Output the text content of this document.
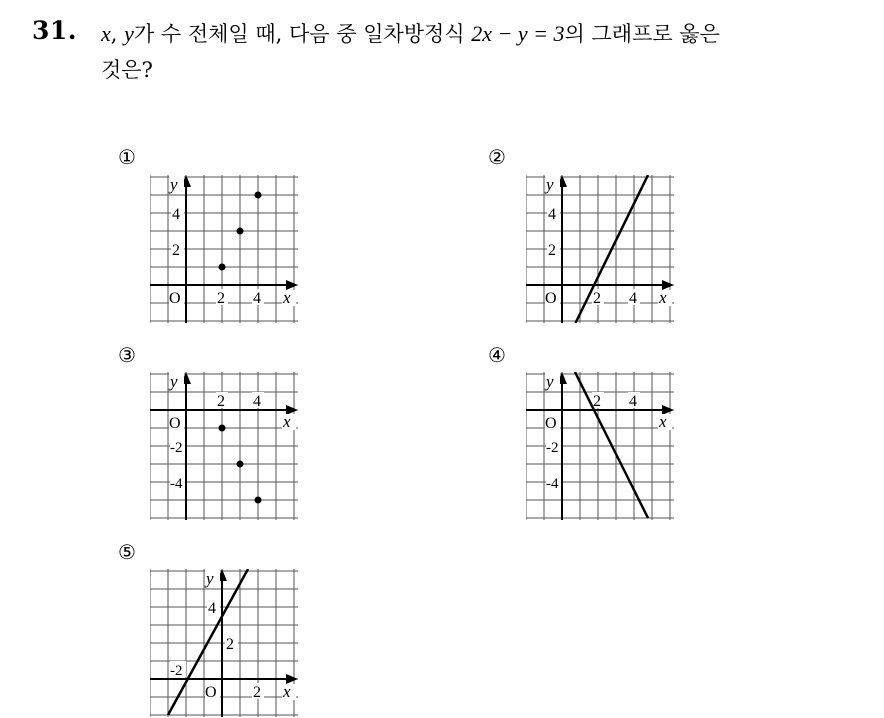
31. x, y가 수 전체일 때, 다음 중 일차방정식 2x − y = 3의 그래프로 옳은
것은?
①
y
x
O 2 4
2
4
②
y
x
O 2 4
2
4
③
y
x
O
2 4
-2
-4
④
y
x
O
2 4
-2
-4
⑤
y
x
O
-2
2
2
4
